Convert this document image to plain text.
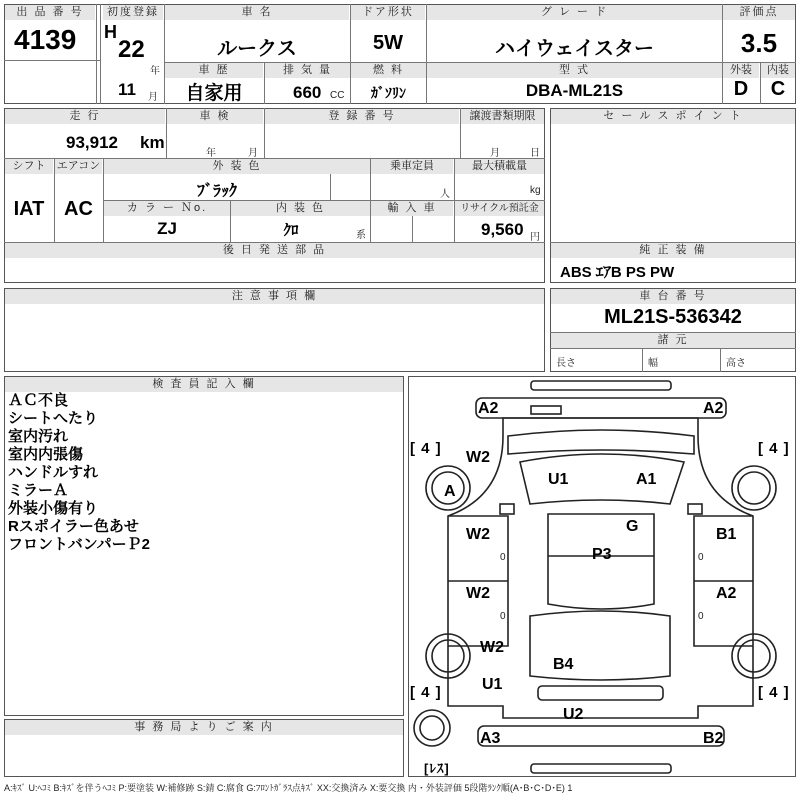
出 品 番 号
4139
初度登録
H
22
年
11 月
車 名
ルークス
ドア形状
5W
グ レ ー ド
ハイウェイスター
評価点
3.5
車 歴
自家用
排 気 量
660 CC
燃 料
ｶﾞｿﾘﾝ
型 式
DBA-ML21S
外装	内装
D	C
走 行
93,912 km
車 検
年	月
登 録 番 号	譲渡書類期限
月	日
シフト
IAT
エアコン
AC
外 装 色
ﾌﾞﾗｯｸ
乗車定員
人
最大積載量
kg
カ ラ ー Ｎo.
ZJ
内 装 色
ｸﾛ	系
輸 入 車	リサイクル預託金
9,560 円
後 日 発 送 部 品
セ ー ル ス ポ イ ン ト
純 正 装 備
ABS ｴｱB PS PW
車 台 番 号
ML21S-536342
諸 元
長さ	幅	高さ
注 意 事 項 欄
検 査 員 記 入 欄
ＡＣ不良
シートへたり
室内汚れ
室内内張傷
ハンドルすれ
ミラーＡ
外装小傷有り
Rスポイラー色あせ
フロントバンパーＰ2
事 務 局 よ り ご 案 内
[ 4 ]	[ 4 ]
[ 4 ]	[ 4 ]
[ﾚｽ]
A2	A2
W2
A
U1	A1
G
W2	B1
P3
W2	A2
W2
B4
U1
U2
A3	B2
0	0
0	0
A:ｷｽﾞ U:ﾍｺﾐ B:ｷｽﾞを伴うﾍｺﾐ P:要塗装 W:補修跡 S:錆 C:腐食 G:ﾌﾛﾝﾄｶﾞﾗｽ点ｷｽﾞ XX:交換済み X:要交換 内・外装評価 5段階ﾗﾝｸ順(A･B･C･D･E) 1
